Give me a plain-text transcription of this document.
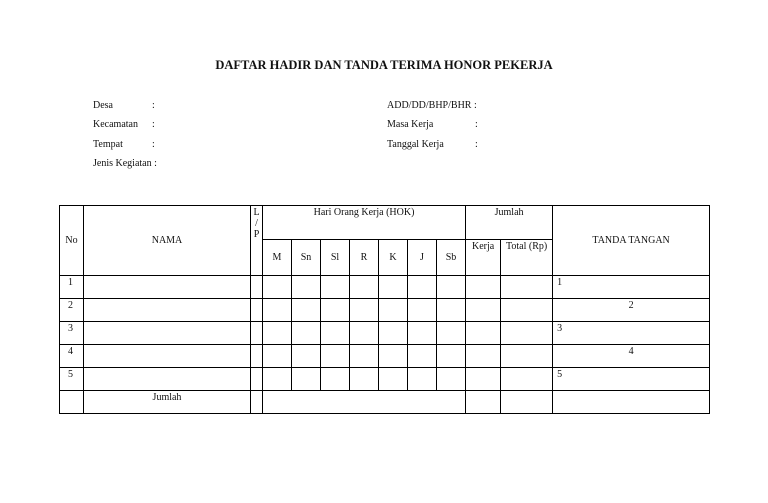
DAFTAR HADIR DAN TANDA TERIMA HONOR PEKERJA
Desa	:
Kecamatan :
Tempat	:
Jenis Kegiatan :
ADD/DD/BHP/BHR :
Masa Kerja	:
Tanggal Kerja	:
No	NAMA	L
/
P	Hari Orang Kerja (HOK)							Jumlah		TANDA TANGAN
			M	Sn	Sl	R	K	J	Sb	Kerja	Total (Rp)	
1												1
2												2
3												3
4												4
5												5
	Jumlah											
